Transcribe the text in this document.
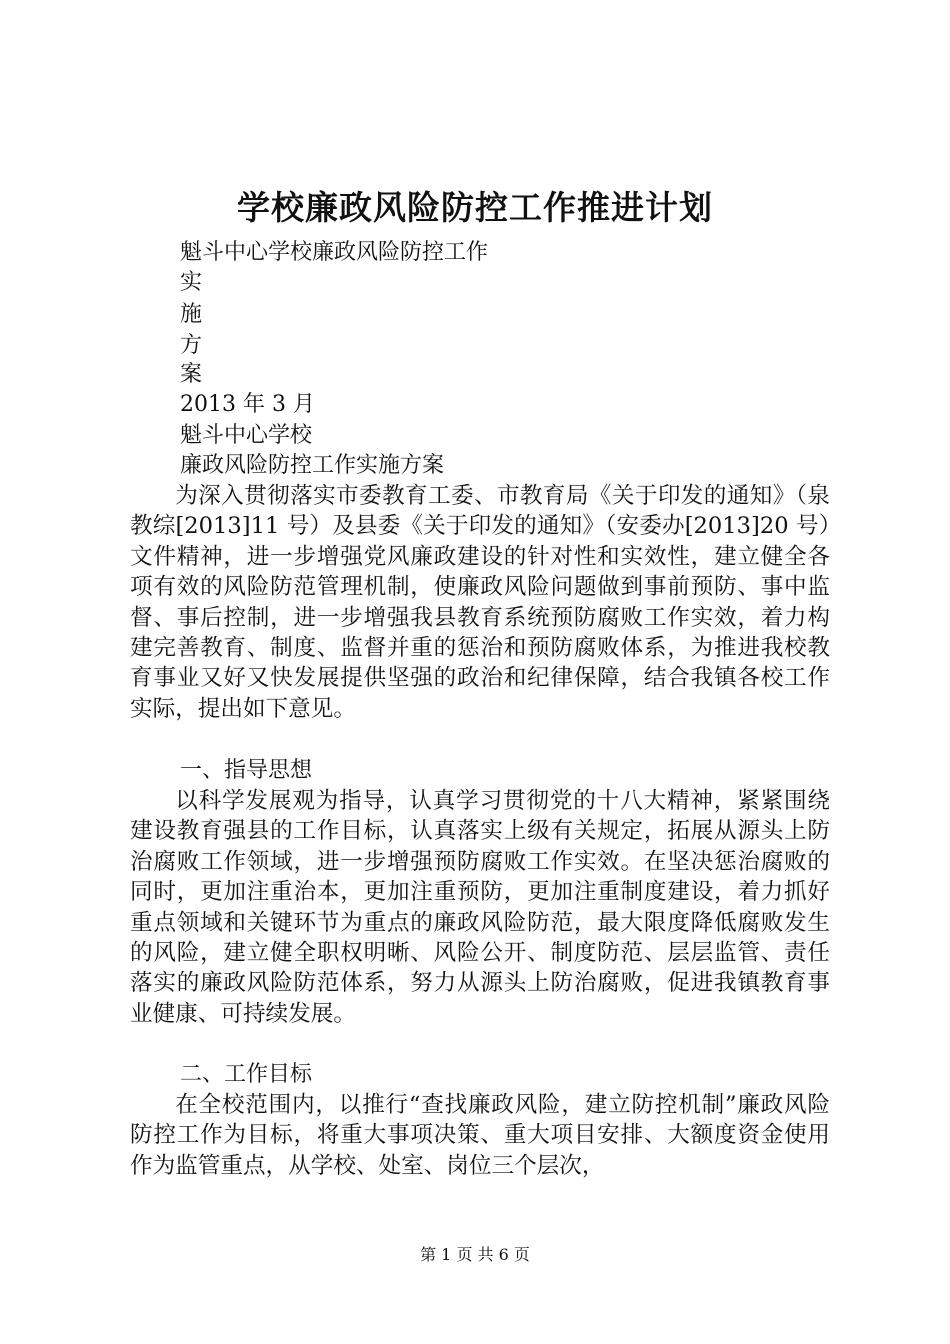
学校廉政风险防控工作推进计划
魁斗中心学校廉政风险防控工作
实
施
方
案
2013 年 3 月
魁斗中心学校
廉政风险防控工作实施方案

为深入贯彻落实市委教育工委、市教育局《关于印发的通知》（泉教综[2013]11 号）及县委《关于印发的通知》（安委办[2013]20 号）文件精神，进一步增强党风廉政建设的针对性和实效性，建立健全各项有效的风险防范管理机制，使廉政风险问题做到事前预防、事中监督、事后控制，进一步增强我县教育系统预防腐败工作实效，着力构建完善教育、制度、监督并重的惩治和预防腐败体系，为推进我校教育事业又好又快发展提供坚强的政治和纪律保障，结合我镇各校工作实际，提出如下意见。

一、指导思想

以科学发展观为指导，认真学习贯彻党的十八大精神，紧紧围绕建设教育强县的工作目标，认真落实上级有关规定，拓展从源头上防治腐败工作领域，进一步增强预防腐败工作实效。在坚决惩治腐败的同时，更加注重治本，更加注重预防，更加注重制度建设，着力抓好重点领域和关键环节为重点的廉政风险防范，最大限度降低腐败发生的风险，建立健全职权明晰、风险公开、制度防范、层层监管、责任落实的廉政风险防范体系，努力从源头上防治腐败，促进我镇教育事业健康、可持续发展。

二、工作目标

在全校范围内，以推行“查找廉政风险，建立防控机制”廉政风险防控工作为目标，将重大事项决策、重大项目安排、大额度资金使用作为监管重点，从学校、处室、岗位三个层次，

第 1 页 共 6 页
